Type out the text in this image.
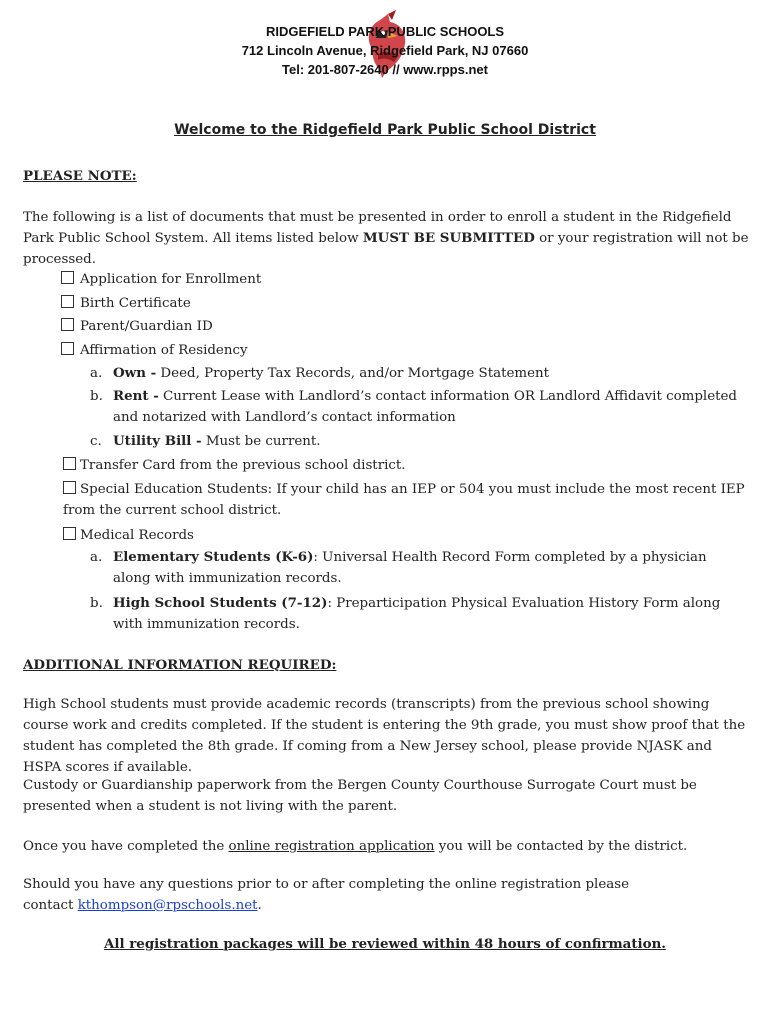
RIDGEFIELD PARK PUBLIC SCHOOLS
712 Lincoln Avenue, Ridgefield Park, NJ 07660
Tel: 201-807-2640 // www.rpps.net
Welcome to the Ridgefield Park Public School District
PLEASE NOTE:
The following is a list of documents that must be presented in order to enroll a student in the Ridgefield Park Public School System. All items listed below MUST BE SUBMITTED or your registration will not be processed.
Application for Enrollment
Birth Certificate
Parent/Guardian ID
Affirmation of Residency
a. Own - Deed, Property Tax Records, and/or Mortgage Statement
b. Rent - Current Lease with Landlord’s contact information OR Landlord Affidavit completed and notarized with Landlord’s contact information
c. Utility Bill - Must be current.
Transfer Card from the previous school district.
Special Education Students: If your child has an IEP or 504 you must include the most recent IEP from the current school district.
Medical Records
a. Elementary Students (K-6): Universal Health Record Form completed by a physician along with immunization records.
b. High School Students (7-12): Preparticipation Physical Evaluation History Form along with immunization records.
ADDITIONAL INFORMATION REQUIRED:
High School students must provide academic records (transcripts) from the previous school showing course work and credits completed. If the student is entering the 9th grade, you must show proof that the student has completed the 8th grade. If coming from a New Jersey school, please provide NJASK and HSPA scores if available.
Custody or Guardianship paperwork from the Bergen County Courthouse Surrogate Court must be presented when a student is not living with the parent.
Once you have completed the online registration application you will be contacted by the district.
Should you have any questions prior to or after completing the online registration please contact kthompson@rpschools.net.
All registration packages will be reviewed within 48 hours of confirmation.
